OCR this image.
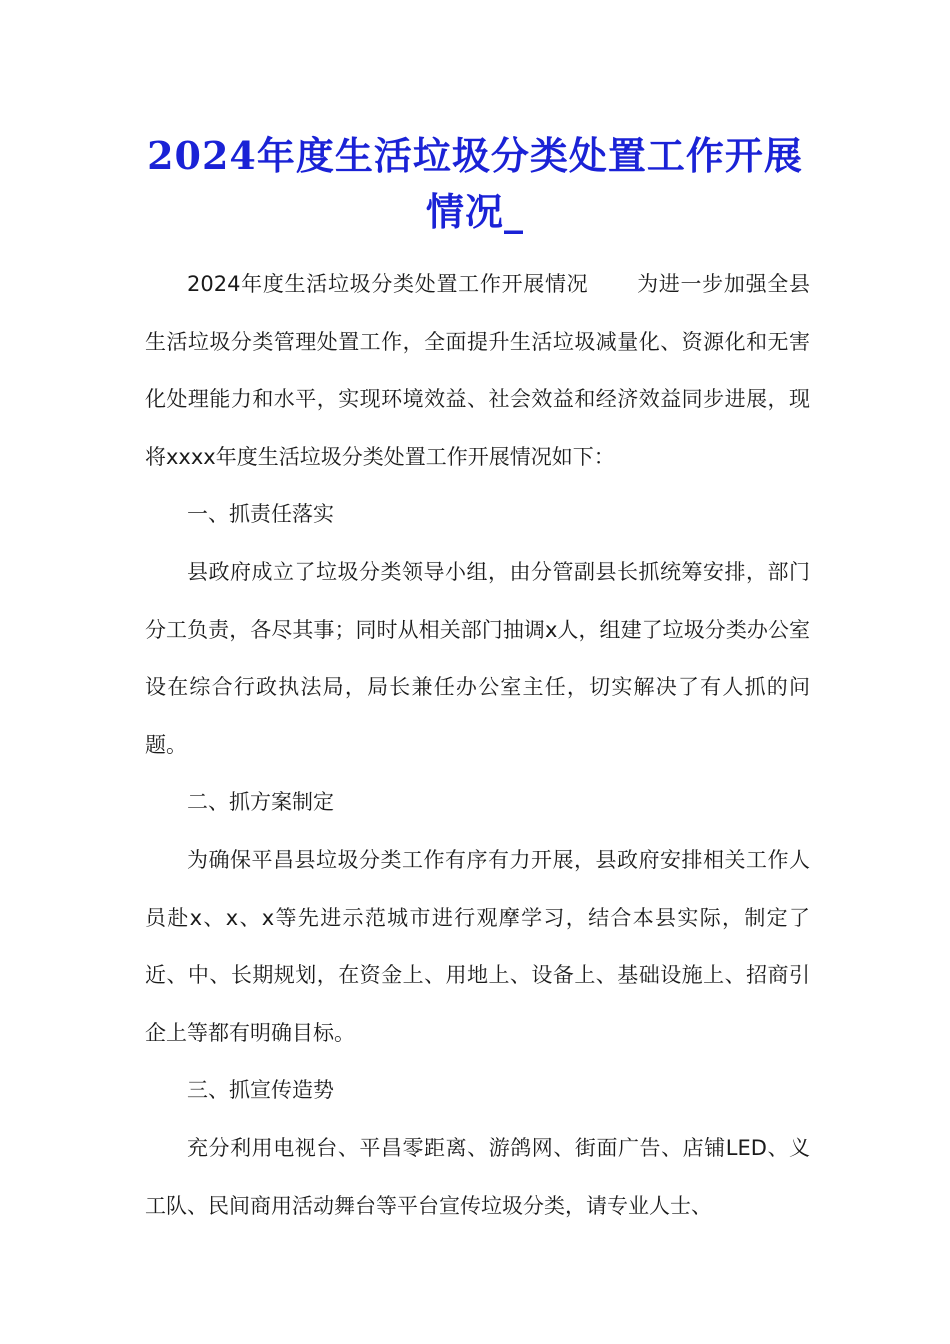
2024年度生活垃圾分类处置工作开展情况_

2024年度生活垃圾分类处置工作开展情况 为进一步加强全县生活垃圾分类管理处置工作，全面提升生活垃圾减量化、资源化和无害化处理能力和水平，实现环境效益、社会效益和经济效益同步进展，现将xxxx年度生活垃圾分类处置工作开展情况如下：

一、抓责任落实

县政府成立了垃圾分类领导小组，由分管副县长抓统筹安排，部门分工负责，各尽其事；同时从相关部门抽调x人，组建了垃圾分类办公室设在综合行政执法局，局长兼任办公室主任，切实解决了有人抓的问题。

二、抓方案制定

为确保平昌县垃圾分类工作有序有力开展，县政府安排相关工作人员赴x、x、x等先进示范城市进行观摩学习，结合本县实际，制定了近、中、长期规划，在资金上、用地上、设备上、基础设施上、招商引企上等都有明确目标。

三、抓宣传造势

充分利用电视台、平昌零距离、游鸽网、街面广告、店铺LED、义工队、民间商用活动舞台等平台宣传垃圾分类，请专业人士、
